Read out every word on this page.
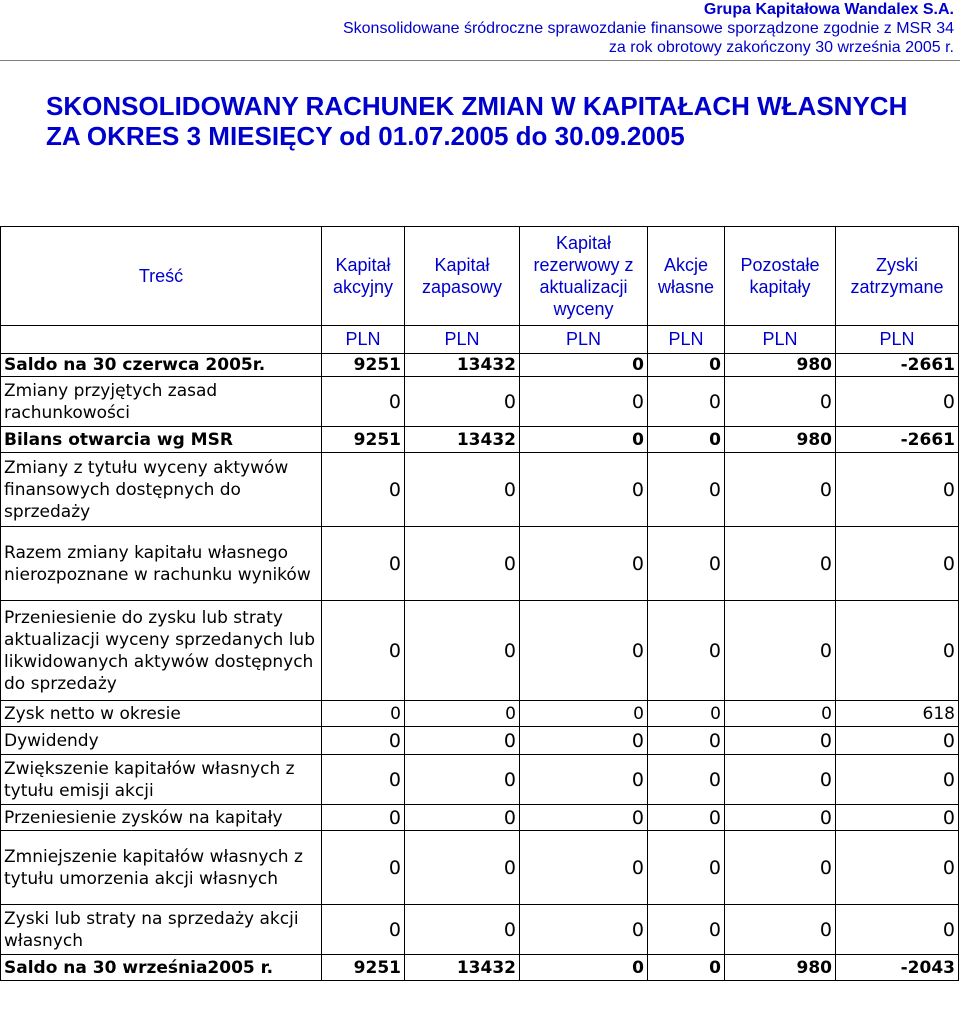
Grupa Kapitałowa Wandalex S.A.
Skonsolidowane śródroczne sprawozdanie finansowe sporządzone zgodnie z MSR 34
za rok obrotowy zakończony 30 września 2005 r.
SKONSOLIDOWANY RACHUNEK ZMIAN W KAPITAŁACH WŁASNYCH
ZA OKRES 3 MIESIĘCY od 01.07.2005 do 30.09.2005
Treść	Kapitał akcyjny	Kapitał zapasowy	Kapitał rezerwowy z aktualizacji wyceny	Akcje własne	Pozostałe kapitały	Zyski zatrzymane
	PLN	PLN	PLN	PLN	PLN	PLN
Saldo na 30 czerwca 2005r.	9251	13432	0	0	980	-2661
Zmiany przyjętych zasad rachunkowości	0	0	0	0	0	0
Bilans otwarcia wg MSR	9251	13432	0	0	980	-2661
Zmiany z tytułu wyceny aktywów finansowych dostępnych do sprzedaży	0	0	0	0	0	0
Razem zmiany kapitału własnego nierozpoznane w rachunku wyników	0	0	0	0	0	0
Przeniesienie do zysku lub straty aktualizacji wyceny sprzedanych lub likwidowanych aktywów dostępnych do sprzedaży	0	0	0	0	0	0
Zysk netto w okresie	0	0	0	0	0	618
Dywidendy	0	0	0	0	0	0
Zwiększenie kapitałów własnych z tytułu emisji akcji	0	0	0	0	0	0
Przeniesienie zysków na kapitały	0	0	0	0	0	0
Zmniejszenie kapitałów własnych z tytułu umorzenia akcji własnych	0	0	0	0	0	0
Zyski lub straty na sprzedaży akcji własnych	0	0	0	0	0	0
Saldo na 30 września2005 r.	9251	13432	0	0	980	-2043
